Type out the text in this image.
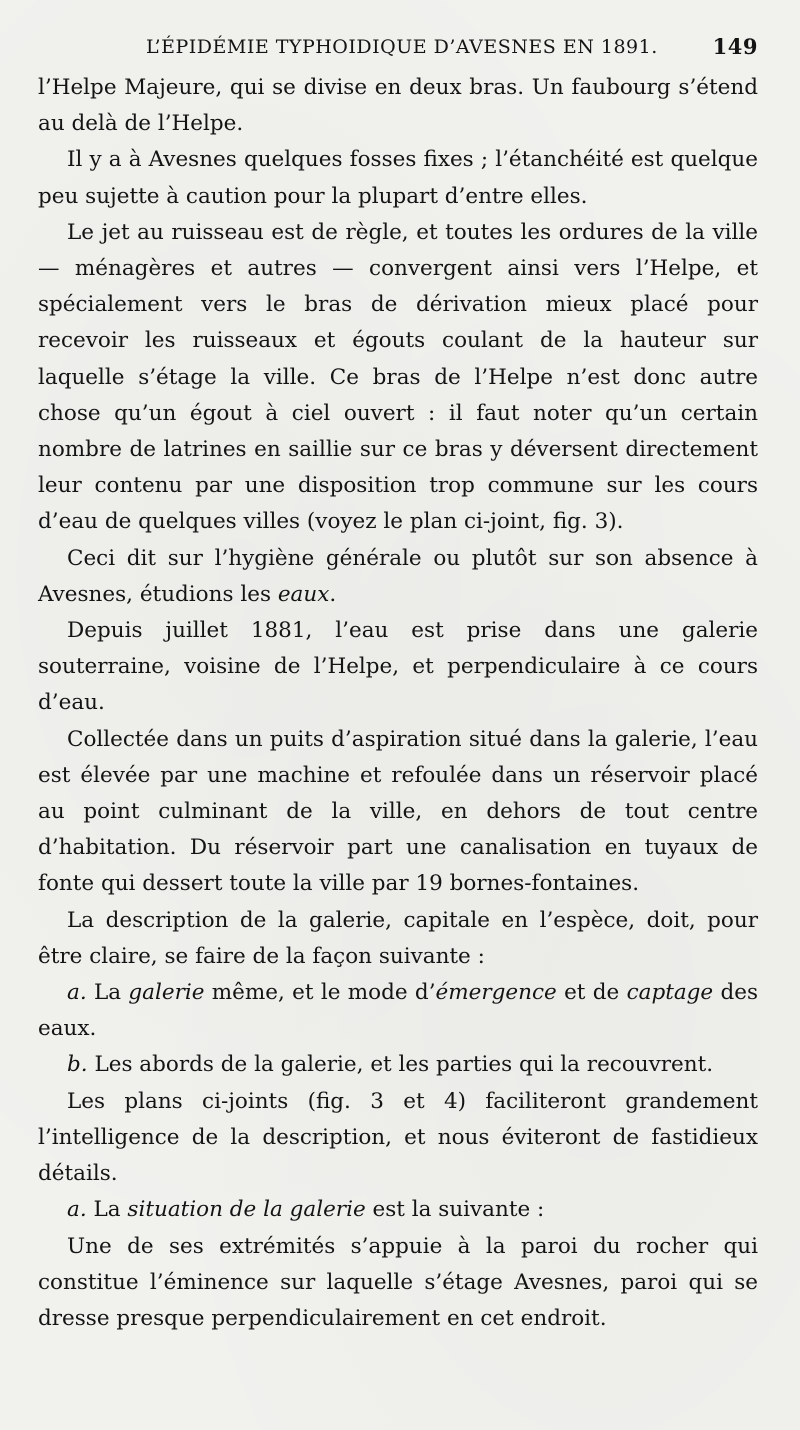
L’ÉPIDÉMIE TYPHOIDIQUE D’AVESNES EN 1891.	149

l’Helpe Majeure, qui se divise en deux bras. Un faubourg s’étend au delà de l’Helpe.

Il y a à Avesnes quelques fosses fixes ; l’étanchéité est quelque peu sujette à caution pour la plupart d’entre elles.

Le jet au ruisseau est de règle, et toutes les ordures de la ville — ménagères et autres — convergent ainsi vers l’Helpe, et spécialement vers le bras de dérivation mieux placé pour recevoir les ruisseaux et égouts coulant de la hauteur sur laquelle s’étage la ville. Ce bras de l’Helpe n’est donc autre chose qu’un égout à ciel ouvert : il faut noter qu’un certain nombre de latrines en saillie sur ce bras y déversent directement leur contenu par une disposition trop commune sur les cours d’eau de quelques villes (voyez le plan ci-joint, fig. 3).

Ceci dit sur l’hygiène générale ou plutôt sur son absence à Avesnes, étudions les eaux.

Depuis juillet 1881, l’eau est prise dans une galerie souterraine, voisine de l’Helpe, et perpendiculaire à ce cours d’eau.

Collectée dans un puits d’aspiration situé dans la galerie, l’eau est élevée par une machine et refoulée dans un réservoir placé au point culminant de la ville, en dehors de tout centre d’habitation. Du réservoir part une canalisation en tuyaux de fonte qui dessert toute la ville par 19 bornes-fontaines.

La description de la galerie, capitale en l’espèce, doit, pour être claire, se faire de la façon suivante :

a. La galerie même, et le mode d’émergence et de captage des eaux.

b. Les abords de la galerie, et les parties qui la recouvrent.

Les plans ci-joints (fig. 3 et 4) faciliteront grandement l’intelligence de la description, et nous éviteront de fastidieux détails.

a. La situation de la galerie est la suivante :

Une de ses extrémités s’appuie à la paroi du rocher qui constitue l’éminence sur laquelle s’étage Avesnes, paroi qui se dresse presque perpendiculairement en cet endroit.
